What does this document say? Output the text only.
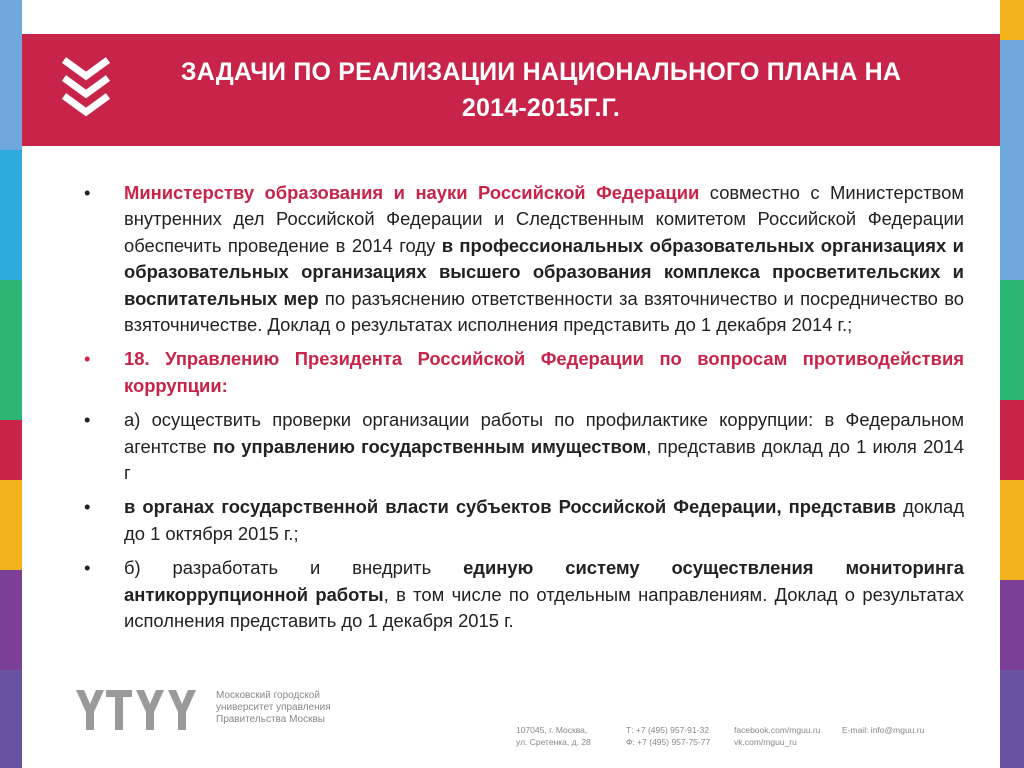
ЗАДАЧИ ПО РЕАЛИЗАЦИИ НАЦИОНАЛЬНОГО ПЛАНА НА
2014-2015Г.Г.
•	Министерству образования и науки Российской Федерации совместно с Министерством внутренних дел Российской Федерации и Следственным комитетом Российской Федерации обеспечить проведение в 2014 году в профессиональных образовательных организациях и образовательных организациях высшего образования комплекса просветительских и воспитательных мер по разъяснению ответственности за взяточничество и посредничество во взяточничестве. Доклад о результатах исполнения представить до 1 декабря 2014 г.;
•	18. Управлению Президента Российской Федерации по вопросам противодействия коррупции:
•	а) осуществить проверки организации работы по профилактике коррупции: в Федеральном агентстве по управлению государственным имуществом, представив доклад до 1 июля 2014 г
•	в органах государственной власти субъектов Российской Федерации, представив доклад до 1 октября 2015 г.;
•	б) разработать и внедрить единую систему осуществления мониторинга антикоррупционной работы, в том числе по отдельным направлениям. Доклад о результатах исполнения представить до 1 декабря 2015 г.
Московский городской
университет управления
Правительства Москвы
107045, г. Москва,
ул. Сретенка, д. 28
Т: +7 (495) 957-91-32
Ф: +7 (495) 957-75-77
facebook.com/mguu.ru
vk.com/mguu_ru
E-mail: info@mguu.ru
